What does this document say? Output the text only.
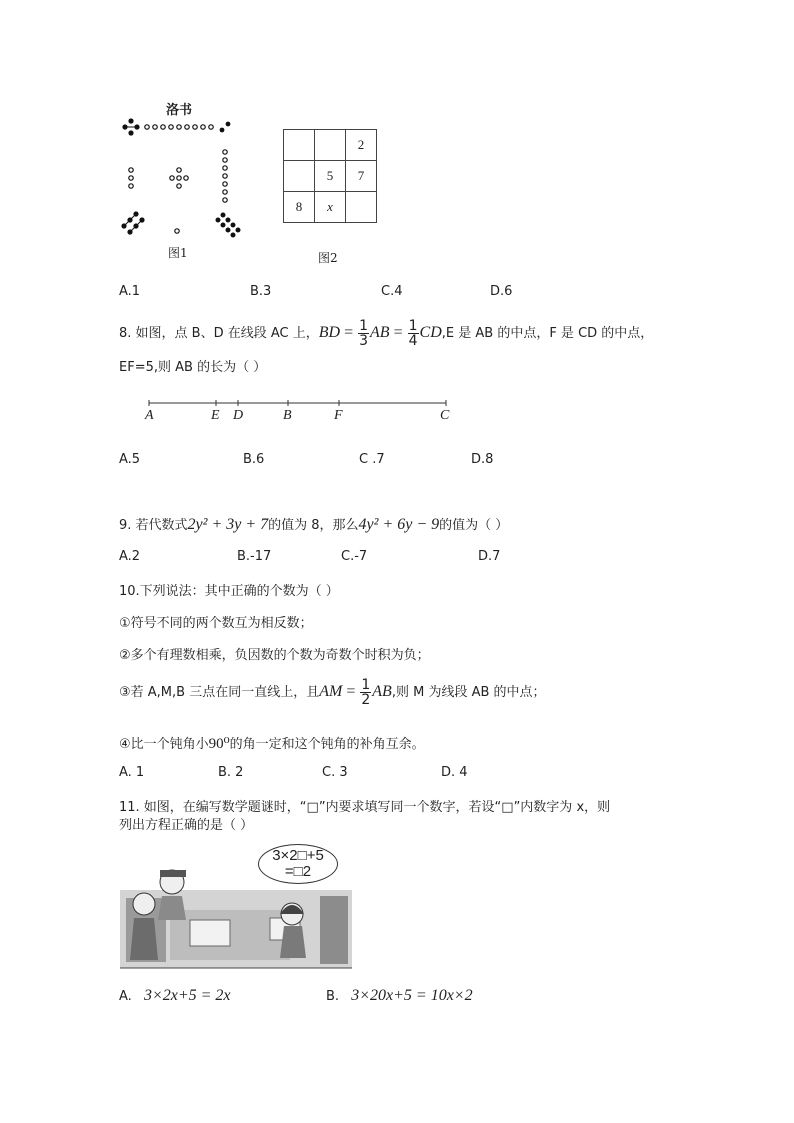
洛书
图1
		2
	5	7
8	x	
图2
A.1	B.3	C.4	D.6
8. 如图，点 B、D 在线段 AC 上，BD = $\frac{1}{3}$ AB = $\frac{1}{4} CD,E$ 是 AB 的中点，F 是 CD 的中点，
EF=5,则 AB 的长为（ ）
A	E D	B	F	C
A.5	B.6	C .7	D.8
9. 若代数式2y² + 3y + 7的值为 8，那么4y² + 6y − 9的值为（ ）
A.2	B.-17	C.-7	D.7
10.下列说法：其中正确的个数为（ ）
①符号不同的两个数互为相反数；
②多个有理数相乘，负因数的个数为奇数个时积为负；
③若 A,M,B 三点在同一直线上，且AM = $\frac{1}{2}$ AB,则 M 为线段 AB 的中点；
④比一个钝角小90⁰的角一定和这个钝角的补角互余。
A. 1	B. 2	C. 3	D. 4
11. 如图，在编写数学题谜时，“□”内要求填写同一个数字，若设“□”内数字为 x，则
列出方程正确的是（ ）
3×2□+5
=□2
A. 3×2x+5 = 2x	B. 3×20x+5 = 10x×2
